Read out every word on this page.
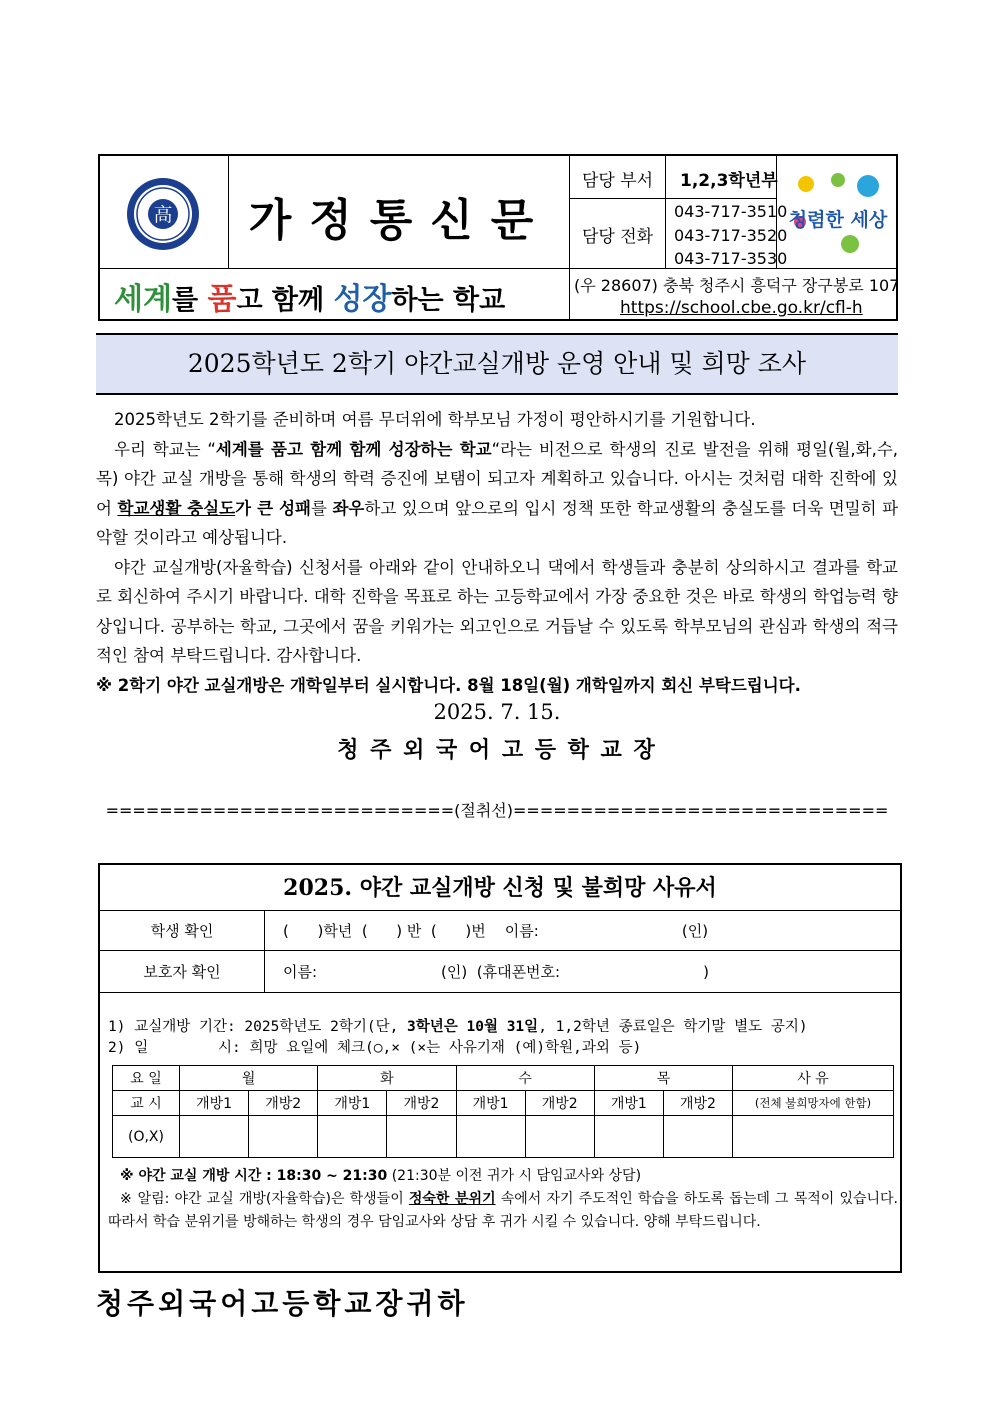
高	가정통신문
담당 부서 1,2,3학년부
담당 전화
043-717-3510
043-717-3520
043-717-3530
청렴한 세상
세계를 품고 함께 성장하는 학교	(우 28607) 충북 청주시 흥덕구 장구봉로 107
https://school.cbe.go.kr/cfl-h
2025학년도 2학기 야간교실개방 운영 안내 및 희망 조사

2025학년도 2학기를 준비하며 여름 무더위에 학부모님 가정이 평안하시기를 기원합니다.

우리 학교는 “세계를 품고 함께 함께 성장하는 학교“라는 비전으로 학생의 진로 발전을 위해 평일(월,화,수,목) 야간 교실 개방을 통해 학생의 학력 증진에 보탬이 되고자 계획하고 있습니다. 아시는 것처럼 대학 진학에 있어 학교생활 충실도가 큰 성패를 좌우하고 있으며 앞으로의 입시 정책 또한 학교생활의 충실도를 더욱 면밀히 파악할 것이라고 예상됩니다.

야간 교실개방(자율학습) 신청서를 아래와 같이 안내하오니 댁에서 학생들과 충분히 상의하시고 결과를 학교로 회신하여 주시기 바랍니다. 대학 진학을 목표로 하는 고등학교에서 가장 중요한 것은 바로 학생의 학업능력 향상입니다. 공부하는 학교, 그곳에서 꿈을 키워가는 외고인으로 거듭날 수 있도록 학부모님의 관심과 학생의 적극적인 참여 부탁드립니다. 감사합니다.

※ 2학기 야간 교실개방은 개학일부터 실시합니다. 8월 18일(월) 개학일까지 회신 부탁드립니다.

2025. 7. 15.
청 주 외 국 어 고 등 학 교 장
==========================(절취선)============================
2025. 야간 교실개방 신청 및 불희망 사유서
학생 확인	(      )학년  (      ) 반  (      )번    이름:                              (인)
보호자 확인	이름:                          (인)  (휴대폰번호:                              )
1) 교실개방 기간: 2025학년도 2학기(단, 3학년은 10월 31일, 1,2학년 종료일은 학기말 별도 공지)
2) 일        시: 희망 요일에 체크(○,× (×는 사유기재 (예)학원,과외 등)
요 일	월		화		수		목		사 유
교 시	개방1	개방2	개방1	개방2	개방1	개방2	개방1	개방2	(전체 불희망자에 한함)
(O,X)									
※ 야간 교실 개방 시간 : 18:30 ~ 21:30 (21:30분 이전 귀가 시 담임교사와 상담)
※ 알림: 야간 교실 개방(자율학습)은 학생들이 정숙한 분위기 속에서 자기 주도적인 학습을 하도록 돕는데 그 목적이 있습니다. 따라서 학습 분위기를 방해하는 학생의 경우 담임교사와 상담 후 귀가 시킬 수 있습니다. 양해 부탁드립니다.
청주외국어고등학교장귀하
